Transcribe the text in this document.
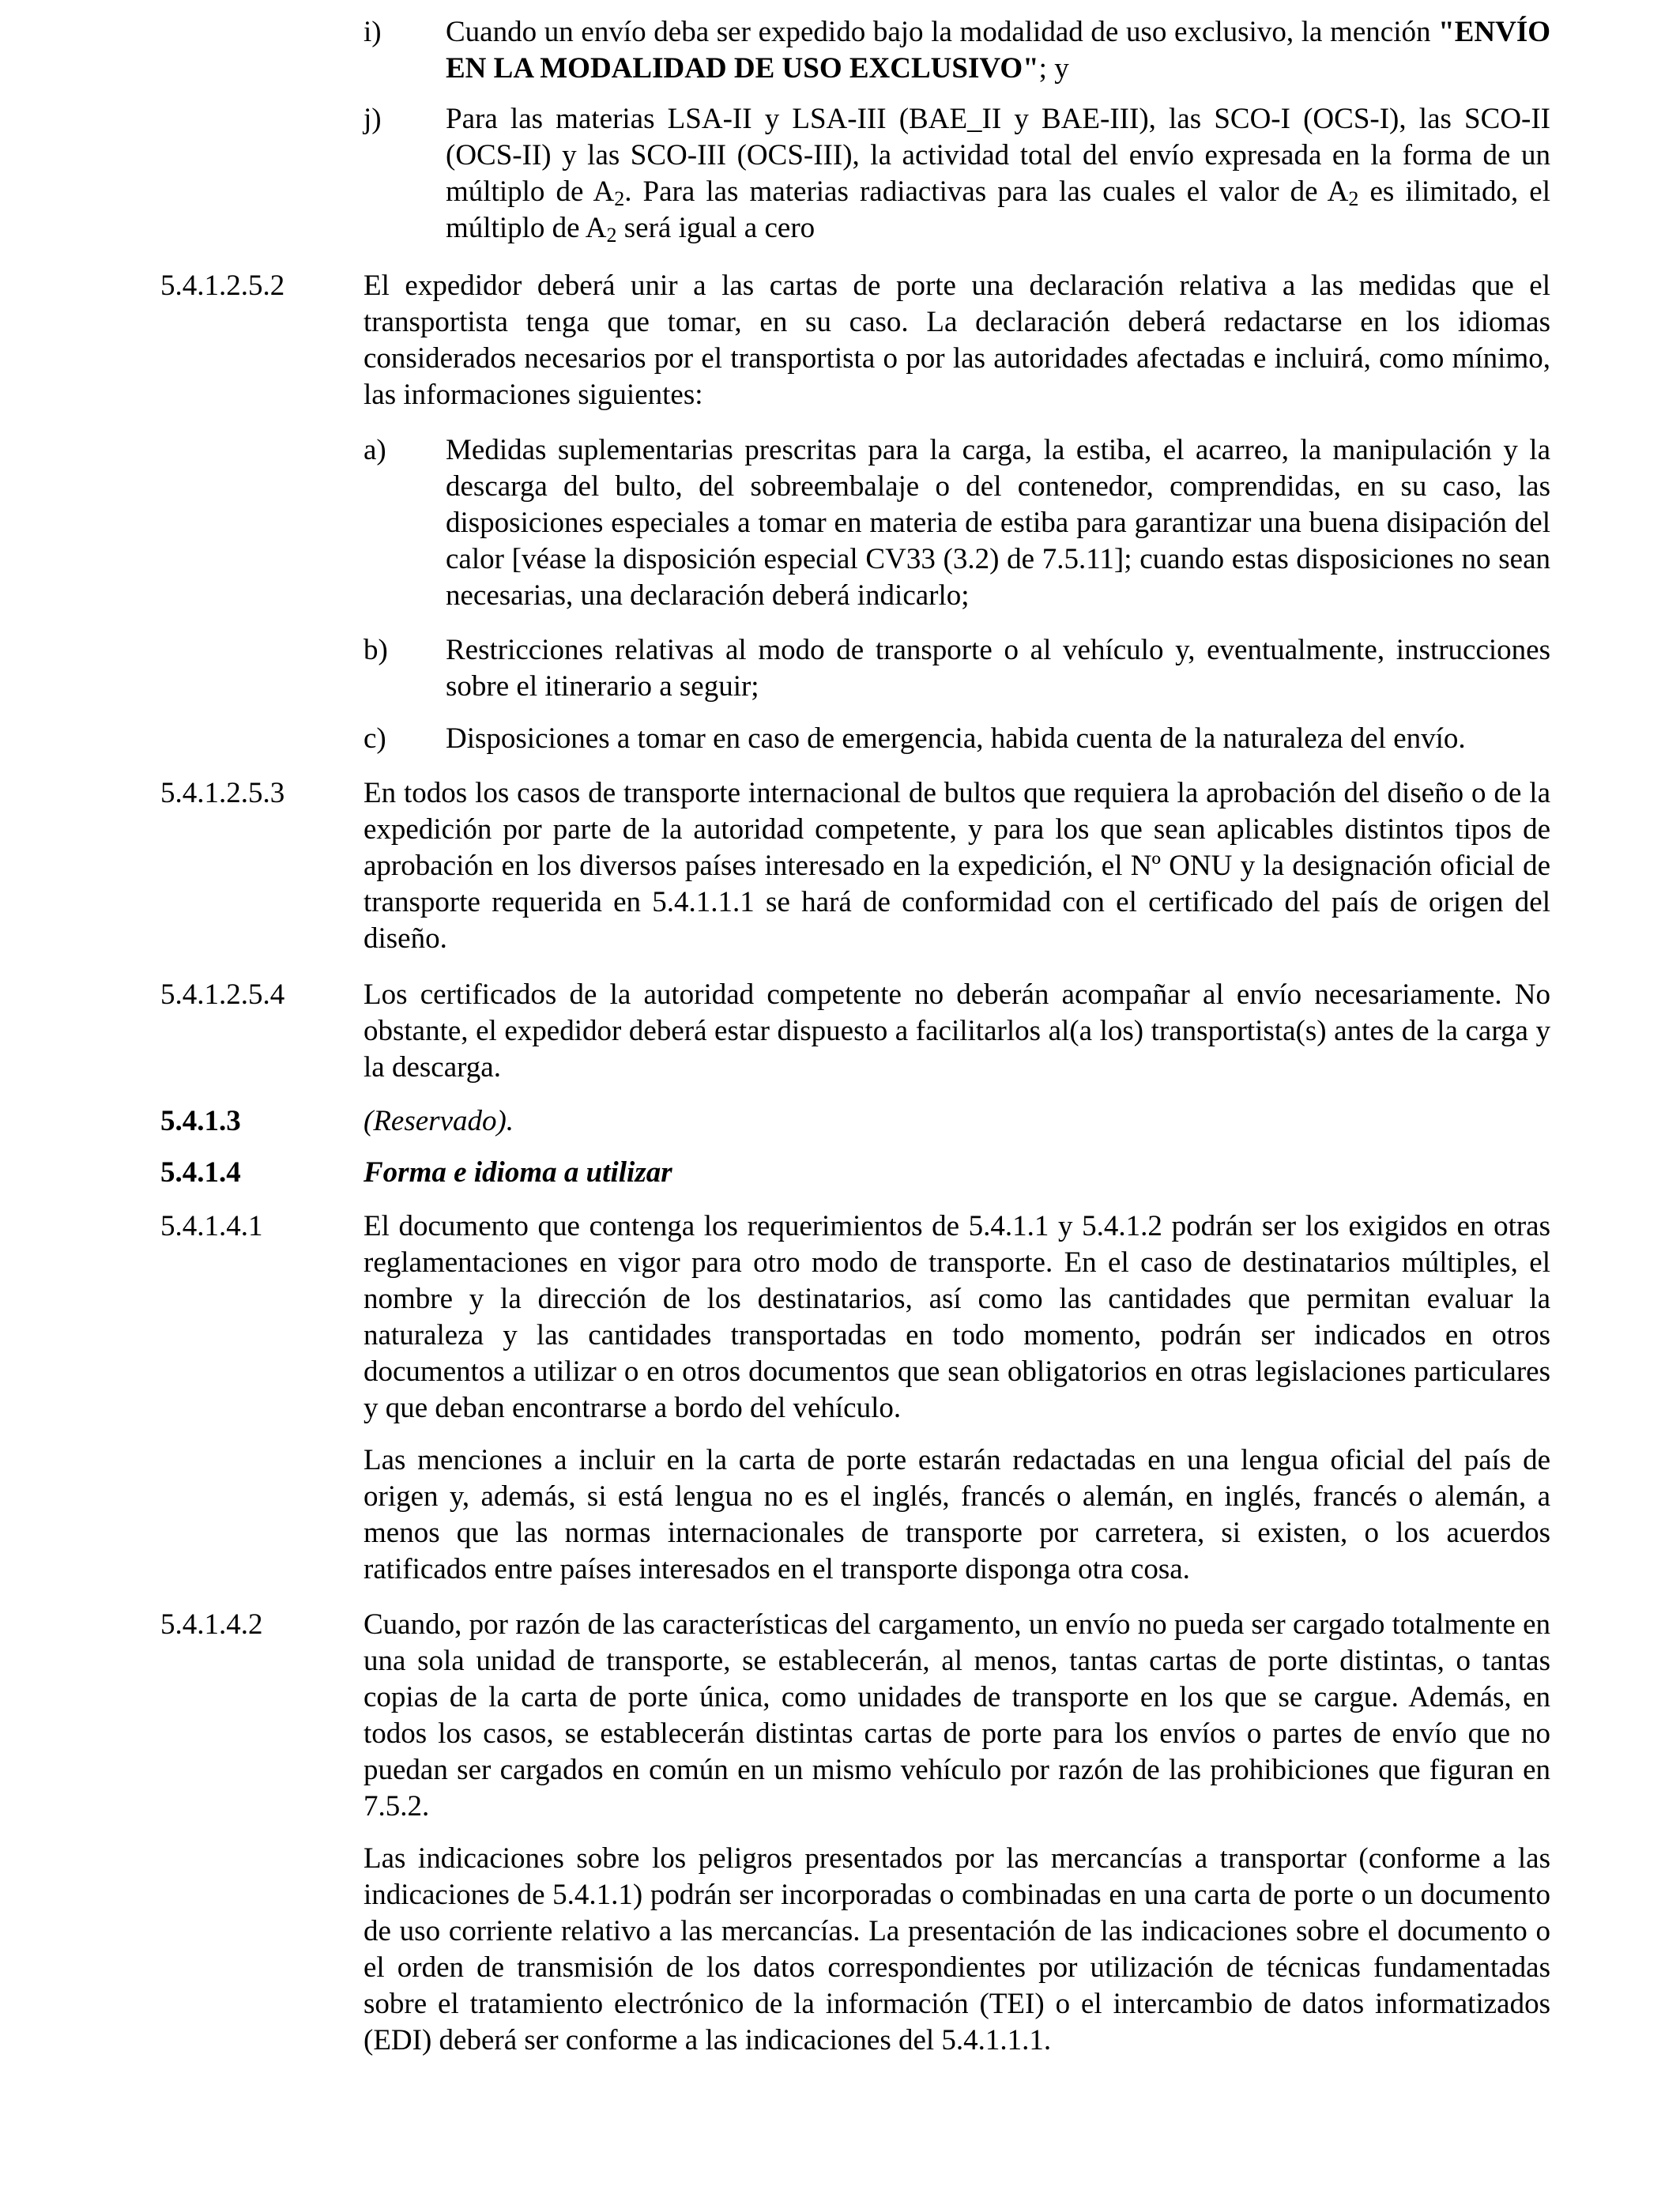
i) Cuando un envío deba ser expedido bajo la modalidad de uso exclusivo, la mención "ENVÍO EN LA MODALIDAD DE USO EXCLUSIVO"; y
j) Para las materias LSA-II y LSA-III (BAE_II y BAE-III), las SCO-I (OCS-I), las SCO-II (OCS-II) y las SCO-III (OCS-III), la actividad total del envío expresada en la forma de un múltiplo de $A_2$. Para las materias radiactivas para las cuales el valor de $A_2$ es ilimitado, el múltiplo de $A_2$ será igual a cero
5.4.1.2.5.2	El expedidor deberá unir a las cartas de porte una declaración relativa a las medidas que el transportista tenga que tomar, en su caso. La declaración deberá redactarse en los idiomas considerados necesarios por el transportista o por las autoridades afectadas e incluirá, como mínimo, las informaciones siguientes:
a) Medidas suplementarias prescritas para la carga, la estiba, el acarreo, la manipulación y la descarga del bulto, del sobreembalaje o del contenedor, comprendidas, en su caso, las disposiciones especiales a tomar en materia de estiba para garantizar una buena disipación del calor [véase la disposición especial CV33 (3.2) de 7.5.11]; cuando estas disposiciones no sean necesarias, una declaración deberá indicarlo;
b) Restricciones relativas al modo de transporte o al vehículo y, eventualmente, instrucciones sobre el itinerario a seguir;
c) Disposiciones a tomar en caso de emergencia, habida cuenta de la naturaleza del envío.
5.4.1.2.5.3	En todos los casos de transporte internacional de bultos que requiera la aprobación del diseño o de la expedición por parte de la autoridad competente, y para los que sean aplicables distintos tipos de aprobación en los diversos países interesado en la expedición, el Nº ONU y la designación oficial de transporte requerida en 5.4.1.1.1 se hará de conformidad con el certificado del país de origen del diseño.
5.4.1.2.5.4	Los certificados de la autoridad competente no deberán acompañar al envío necesariamente. No obstante, el expedidor deberá estar dispuesto a facilitarlos al(a los) transportista(s) antes de la carga y la descarga.
5.4.1.3	(Reservado).
5.4.1.4	Forma e idioma a utilizar
5.4.1.4.1	El documento que contenga los requerimientos de 5.4.1.1 y 5.4.1.2 podrán ser los exigidos en otras reglamentaciones en vigor para otro modo de transporte. En el caso de destinatarios múltiples, el nombre y la dirección de los destinatarios, así como las cantidades que permitan evaluar la naturaleza y las cantidades transportadas en todo momento, podrán ser indicados en otros documentos a utilizar o en otros documentos que sean obligatorios en otras legislaciones particulares y que deban encontrarse a bordo del vehículo.
Las menciones a incluir en la carta de porte estarán redactadas en una lengua oficial del país de origen y, además, si está lengua no es el inglés, francés o alemán, en inglés, francés o alemán, a menos que las normas internacionales de transporte por carretera, si existen, o los acuerdos ratificados entre países interesados en el transporte disponga otra cosa.
5.4.1.4.2	Cuando, por razón de las características del cargamento, un envío no pueda ser cargado totalmente en una sola unidad de transporte, se establecerán, al menos, tantas cartas de porte distintas, o tantas copias de la carta de porte única, como unidades de transporte en los que se cargue. Además, en todos los casos, se establecerán distintas cartas de porte para los envíos o partes de envío que no puedan ser cargados en común en un mismo vehículo por razón de las prohibiciones que figuran en 7.5.2.
Las indicaciones sobre los peligros presentados por las mercancías a transportar (conforme a las indicaciones de 5.4.1.1) podrán ser incorporadas o combinadas en una carta de porte o un documento de uso corriente relativo a las mercancías. La presentación de las indicaciones sobre el documento o el orden de transmisión de los datos correspondientes por utilización de técnicas fundamentadas sobre el tratamiento electrónico de la información (TEI) o el intercambio de datos informatizados (EDI) deberá ser conforme a las indicaciones del 5.4.1.1.1.
